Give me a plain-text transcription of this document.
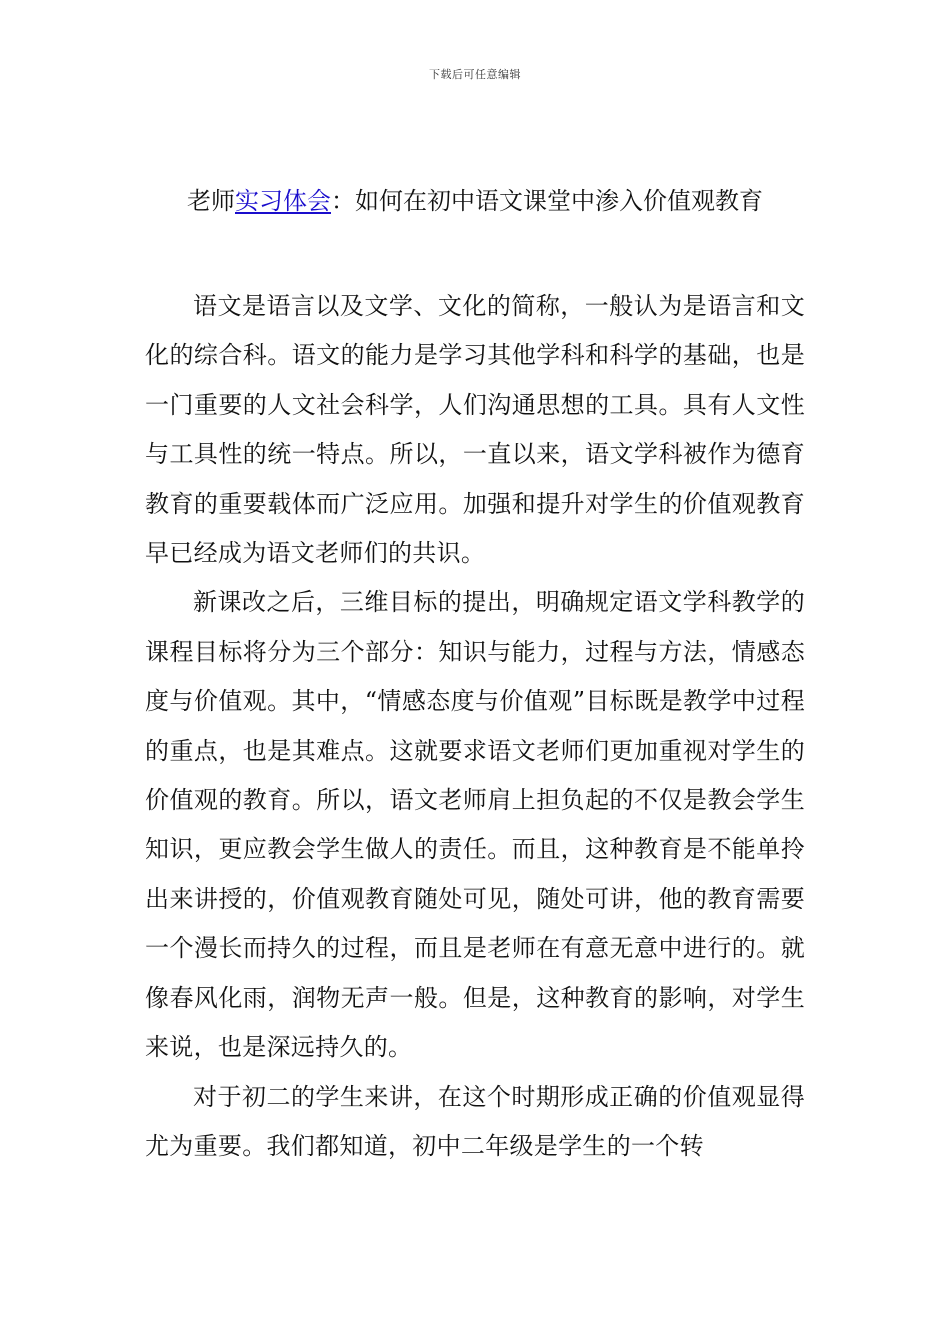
下载后可任意编辑
老师实习体会：如何在初中语文课堂中渗入价值观教育

语文是语言以及文学、文化的简称，一般认为是语言和文化的综合科。语文的能力是学习其他学科和科学的基础，也是一门重要的人文社会科学，人们沟通思想的工具。具有人文性与工具性的统一特点。所以，一直以来，语文学科被作为德育教育的重要载体而广泛应用。加强和提升对学生的价值观教育早已经成为语文老师们的共识。

新课改之后，三维目标的提出，明确规定语文学科教学的课程目标将分为三个部分：知识与能力，过程与方法，情感态度与价值观。其中，“情感态度与价值观”目标既是教学中过程的重点，也是其难点。这就要求语文老师们更加重视对学生的价值观的教育。所以，语文老师肩上担负起的不仅是教会学生知识，更应教会学生做人的责任。而且，这种教育是不能单拎出来讲授的，价值观教育随处可见，随处可讲，他的教育需要一个漫长而持久的过程，而且是老师在有意无意中进行的。就像春风化雨，润物无声一般。但是，这种教育的影响，对学生来说，也是深远持久的。

对于初二的学生来讲，在这个时期形成正确的价值观显得尤为重要。我们都知道，初中二年级是学生的一个转
